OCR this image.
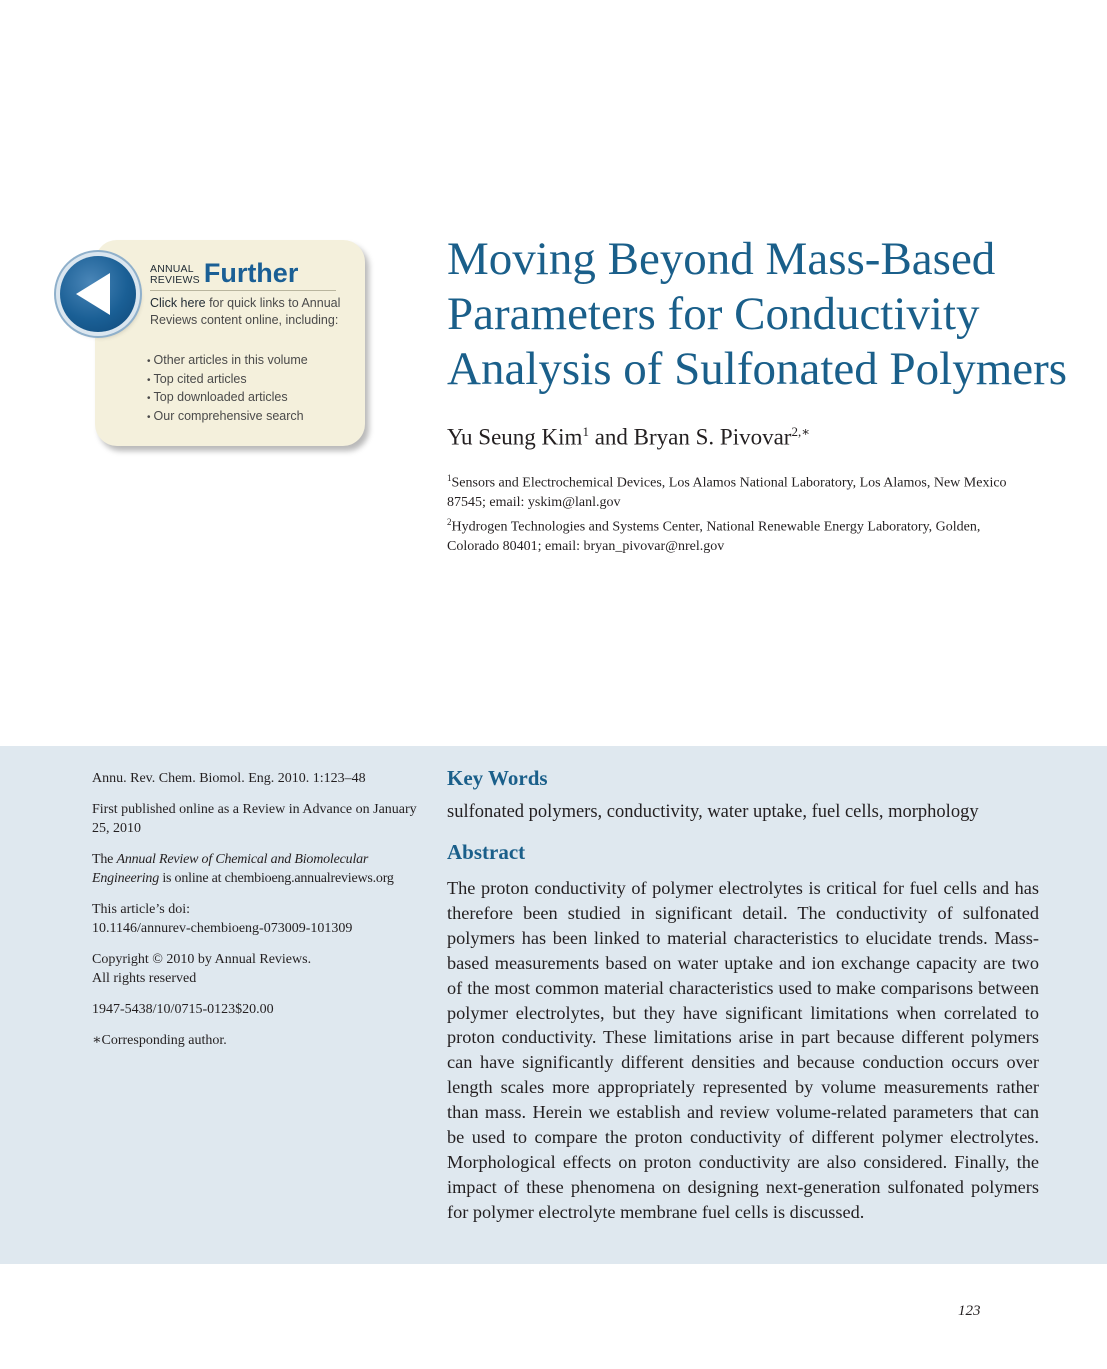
ANNUAL
REVIEWS Further
Click here for quick links to Annual Reviews content online, including:
• Other articles in this volume
• Top cited articles
• Top downloaded articles
• Our comprehensive search
Moving Beyond Mass-Based Parameters for Conductivity Analysis of Sulfonated Polymers
Yu Seung Kim$^1$ and Bryan S. Pivovar$^{2,∗}$
$^1$Sensors and Electrochemical Devices, Los Alamos National Laboratory, Los Alamos, New Mexico 87545; email: yskim@lanl.gov
$^2$Hydrogen Technologies and Systems Center, National Renewable Energy Laboratory, Golden, Colorado 80401; email: bryan_pivovar@nrel.gov

Annu. Rev. Chem. Biomol. Eng. 2010. 1:123–48

First published online as a Review in Advance on January 25, 2010

The Annual Review of Chemical and Biomolecular Engineering is online at chembioeng.annualreviews.org

This article’s doi:
10.1146/annurev-chembioeng-073009-101309

Copyright © 2010 by Annual Reviews.
All rights reserved

1947-5438/10/0715-0123$20.00

∗Corresponding author.

Key Words
sulfonated polymers, conductivity, water uptake, fuel cells, morphology
Abstract

The proton conductivity of polymer electrolytes is critical for fuel cells and has therefore been studied in significant detail. The conductivity of sulfonated polymers has been linked to material characteristics to elucidate trends. Mass-based measurements based on water uptake and ion exchange capacity are two of the most common material characteristics used to make comparisons between polymer electrolytes, but they have significant limitations when correlated to proton conductivity. These limitations arise in part because different polymers can have significantly different densities and because conduction occurs over length scales more appropriately represented by volume measurements rather than mass. Herein we establish and review volume-related parameters that can be used to compare the proton conductivity of different polymer electrolytes. Morphological effects on proton conductivity are also considered. Finally, the impact of these phenomena on designing next-generation sulfonated polymers for polymer electrolyte membrane fuel cells is discussed.

123
